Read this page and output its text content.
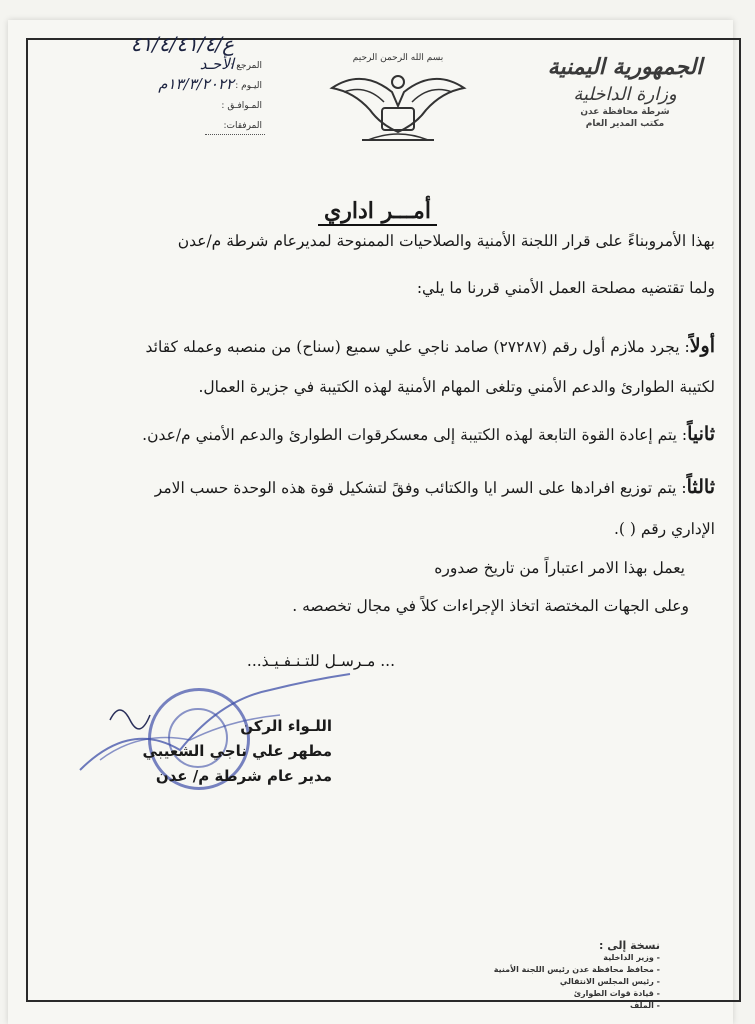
الجمهورية اليمنية
وزارة الداخلية
شرطة محافظة عدن
مكتب المدير العام
بسم الله الرحمن الرحيم
المرجع :
اليـوم :
المـوافـق :
المرفقات:
ع/٤١/٤/٤١/٤
الأحـد
١٣/٣/٢٠٢٢م
أمـــر اداري
بهذا الأمروبناءً على قرار اللجنة الأمنية والصلاحيات الممنوحة لمديرعام شرطة م/عدن
ولما تقتضيه مصلحة العمل الأمني قررنا ما يلي:
أولاً: يجرد ملازم أول رقم (٢٧٢٨٧) صامد ناجي علي سميع (سناح) من منصبه وعمله كقائد
لكتيبة الطوارئ والدعم الأمني وتلغى المهام الأمنية لهذه الكتيبة في جزيرة العمال.
ثانياً: يتم إعادة القوة التابعة لهذه الكتيبة إلى معسكرقوات الطوارئ والدعم الأمني م/عدن.
ثالثاً: يتم توزيع افرادها على السر ايا والكتائب وفقً لتشكيل قوة هذه الوحدة حسب الامر
الإداري رقم ( ).
يعمل بهذا الامر اعتباراً من تاريخ صدوره
وعلى الجهات المختصة اتخاذ الإجراءات كلاً في مجال تخصصه .
... مـرسـل للتـنـفـيـذ...
اللـواء الركن
مطهر علي ناجي الشعيبي
مدير عام شرطة م/ عدن
نسخة إلى :
- وزير الداخلية
- محافظ محافظة عدن رئيس اللجنة الأمنية
- رئيس المجلس الانتقالي
- قيادة قوات الطوارئ
- الملف
